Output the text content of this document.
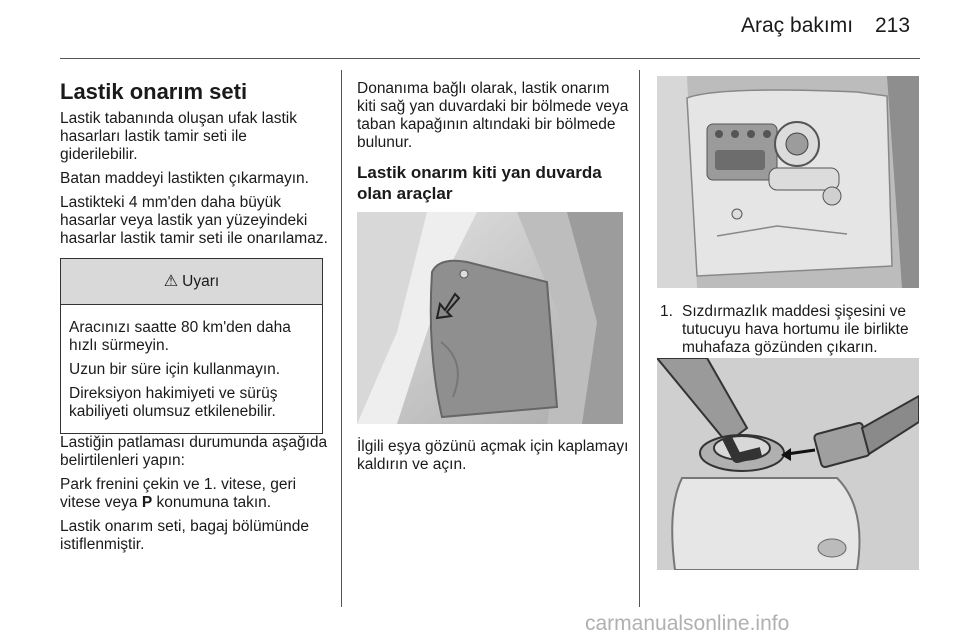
Araç bakımı 213
Lastik onarım seti

Lastik tabanında oluşan ufak lastik hasarları lastik tamir seti ile giderilebilir.

Batan maddeyi lastikten çıkarmayın.

Lastikteki 4 mm'den daha büyük hasarlar veya lastik yan yüzeyindeki hasarlar lastik tamir seti ile onarılamaz.

⚠ Uyarı

Aracınızı saatte 80 km'den daha hızlı sürmeyin.

Uzun bir süre için kullanmayın.

Direksiyon hakimiyeti ve sürüş kabiliyeti olumsuz etkilenebilir.

Lastiğin patlaması durumunda aşağıda belirtilenleri yapın:

Park frenini çekin ve 1. vitese, geri vitese veya P konumuna takın.

Lastik onarım seti, bagaj bölümünde istiflenmiştir.

Donanıma bağlı olarak, lastik onarım kiti sağ yan duvardaki bir bölmede veya taban kapağının altındaki bir bölmede bulunur.

Lastik onarım kiti yan duvarda olan araçlar

İlgili eşya gözünü açmak için kaplamayı kaldırın ve açın.

1. Sızdırmazlık maddesi şişesini ve tutucuyu hava hortumu ile birlikte muhafaza gözünden çıkarın.
carmanualsonline.info
